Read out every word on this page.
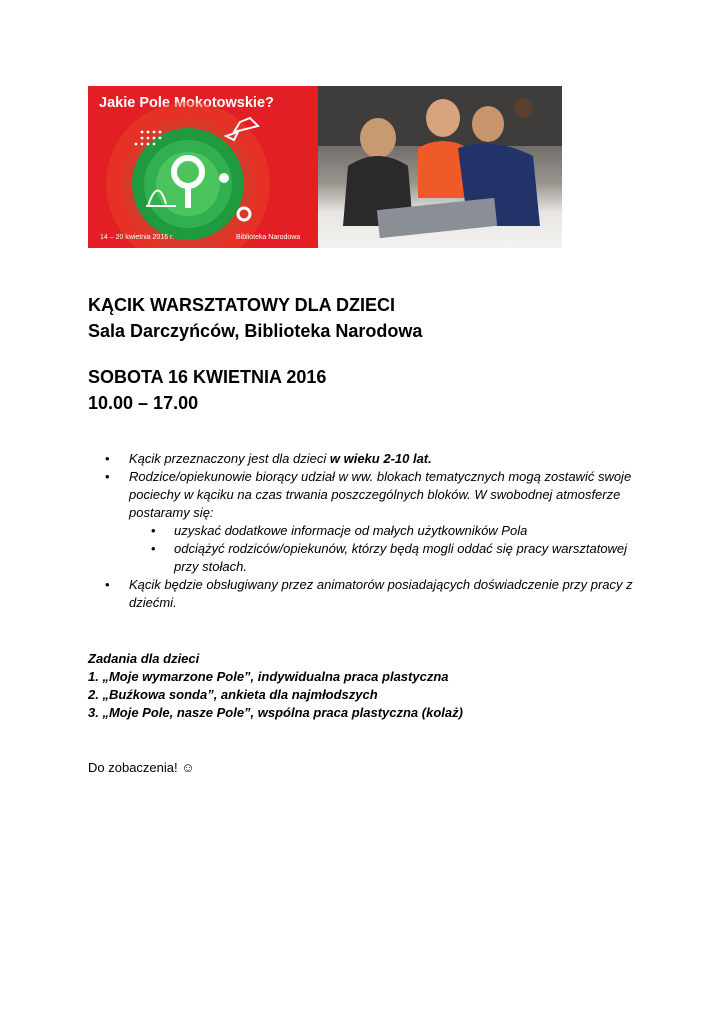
Jakie Pole Mokotowskie?
14 – 20 kwietnia 2016 r.	Biblioteka Narodowa

KĄCIK WARSZTATOWY DLA DZIECI

Sala Darczyńców, Biblioteka Narodowa

SOBOTA 16 KWIETNIA 2016

10.00 – 17.00

• Kącik przeznaczony jest dla dzieci w wieku 2-10 lat.
• Rodzice/opiekunowie biorący udział w ww. blokach tematycznych mogą zostawić swoje pociechy w kąciku na czas trwania poszczególnych bloków. W swobodnej atmosferze postaramy się:
• uzyskać dodatkowe informacje od małych użytkowników Pola
• odciążyć rodziców/opiekunów, którzy będą mogli oddać się pracy warsztatowej przy stołach.
• Kącik będzie obsługiwany przez animatorów posiadających doświadczenie przy pracy z dziećmi.
Zadania dla dzieci
1. „Moje wymarzone Pole”, indywidualna praca plastyczna
2. „Buźkowa sonda”, ankieta dla najmłodszych
3. „Moje Pole, nasze Pole”, wspólna praca plastyczna (kolaż)
Do zobaczenia! ☺
